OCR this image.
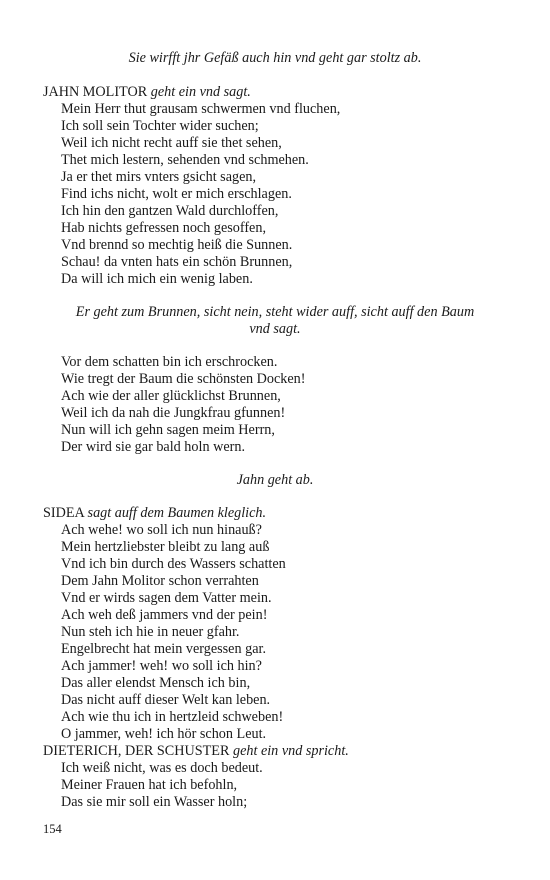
Sie wirfft jhr Gefäß auch hin vnd geht gar stoltz ab.
JAHN MOLITOR geht ein vnd sagt.
Mein Herr thut grausam schwermen vnd fluchen,
Ich soll sein Tochter wider suchen;
Weil ich nicht recht auff sie thet sehen,
Thet mich lestern, sehenden vnd schmehen.
Ja er thet mirs vnters gsicht sagen,
Find ichs nicht, wolt er mich erschlagen.
Ich hin den gantzen Wald durchloffen,
Hab nichts gefressen noch gesoffen,
Vnd brennd so mechtig heiß die Sunnen.
Schau! da vnten hats ein schön Brunnen,
Da will ich mich ein wenig laben.
Er geht zum Brunnen, sicht nein, steht wider auff, sicht auff den Baum
vnd sagt.
Vor dem schatten bin ich erschrocken.
Wie tregt der Baum die schönsten Docken!
Ach wie der aller glücklichst Brunnen,
Weil ich da nah die Jungkfrau gfunnen!
Nun will ich gehn sagen meim Herrn,
Der wird sie gar bald holn wern.
Jahn geht ab.
SIDEA sagt auff dem Baumen kleglich.
Ach wehe! wo soll ich nun hinauß?
Mein hertzliebster bleibt zu lang auß
Vnd ich bin durch des Wassers schatten
Dem Jahn Molitor schon verrahten
Vnd er wirds sagen dem Vatter mein.
Ach weh deß jammers vnd der pein!
Nun steh ich hie in neuer gfahr.
Engelbrecht hat mein vergessen gar.
Ach jammer! weh! wo soll ich hin?
Das aller elendst Mensch ich bin,
Das nicht auff dieser Welt kan leben.
Ach wie thu ich in hertzleid schweben!
O jammer, weh! ich hör schon Leut.
DIETERICH, DER SCHUSTER geht ein vnd spricht.
Ich weiß nicht, was es doch bedeut.
Meiner Frauen hat ich befohln,
Das sie mir soll ein Wasser holn;
154
